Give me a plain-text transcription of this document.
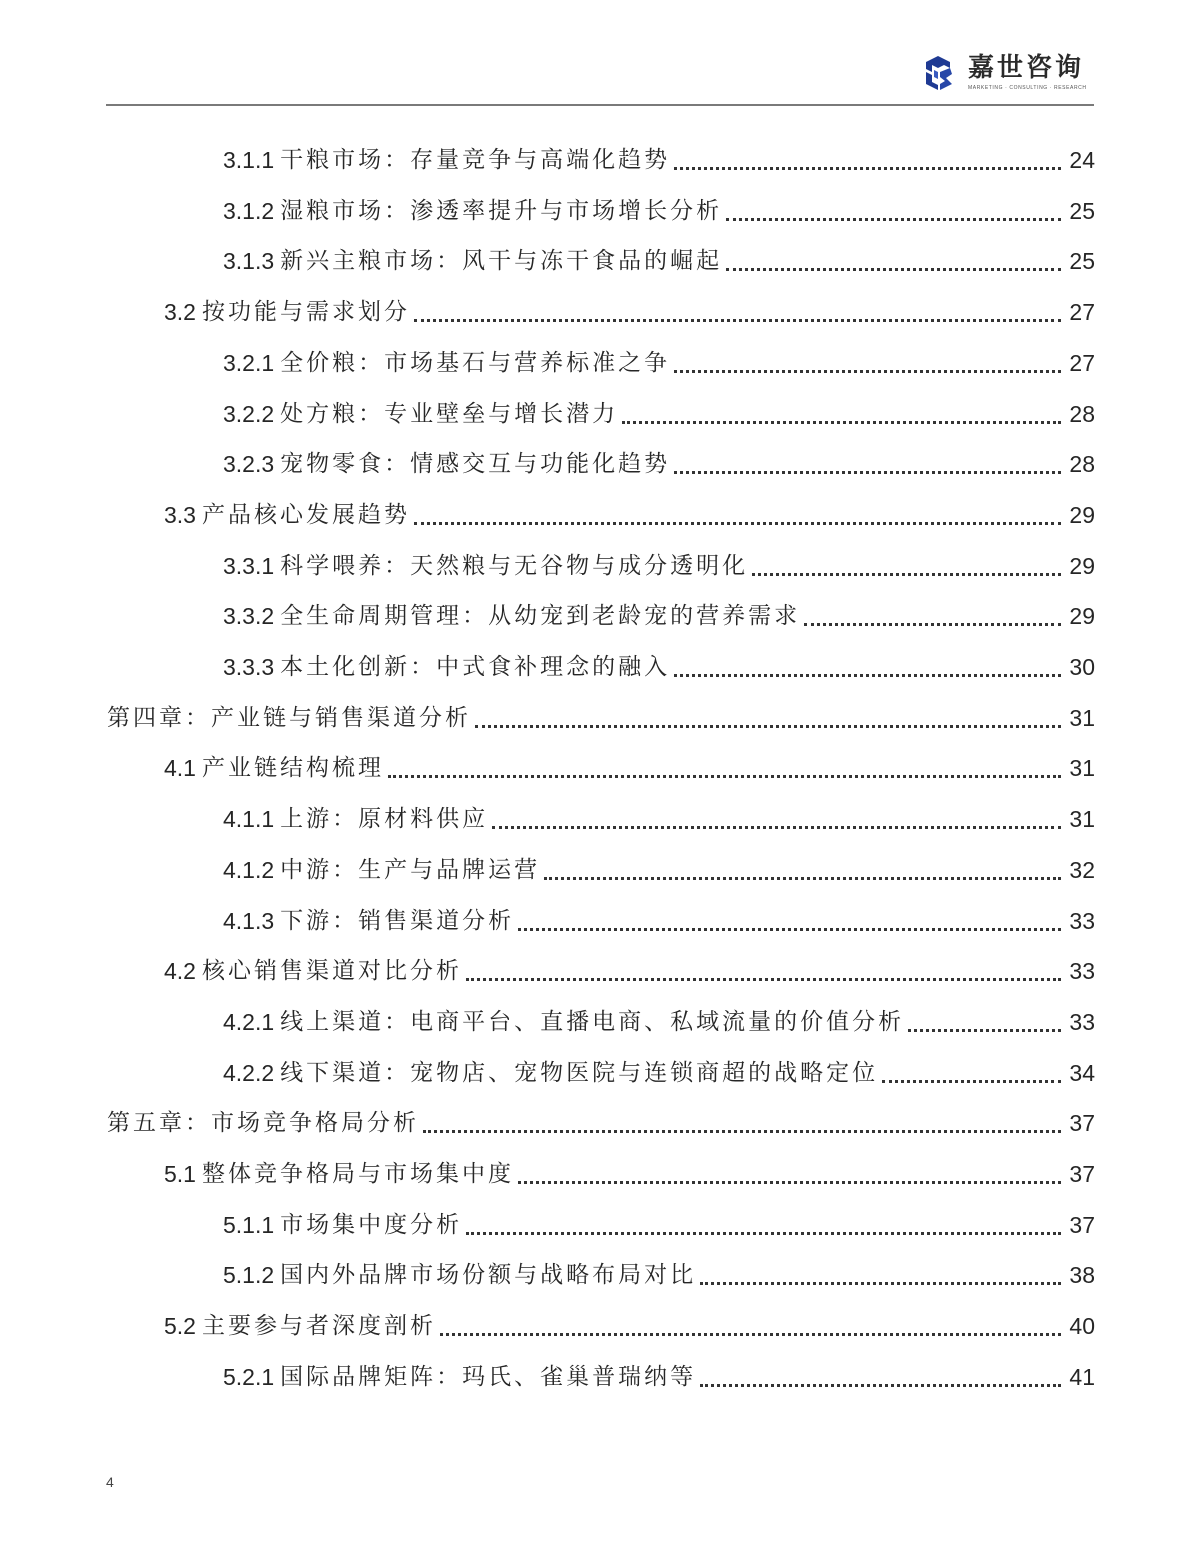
嘉世咨询
MARKETING · CONSULTING · RESEARCH
3.1.1 干粮市场：存量竞争与高端化趋势	24
3.1.2 湿粮市场：渗透率提升与市场增长分析	25
3.1.3 新兴主粮市场：风干与冻干食品的崛起	25
3.2 按功能与需求划分	27
3.2.1 全价粮：市场基石与营养标准之争	27
3.2.2 处方粮：专业壁垒与增长潜力	28
3.2.3 宠物零食：情感交互与功能化趋势	28
3.3 产品核心发展趋势	29
3.3.1 科学喂养：天然粮与无谷物与成分透明化	29
3.3.2 全生命周期管理：从幼宠到老龄宠的营养需求	29
3.3.3 本土化创新：中式食补理念的融入	30
第四章：产业链与销售渠道分析	31
4.1 产业链结构梳理	31
4.1.1 上游：原材料供应	31
4.1.2 中游：生产与品牌运营	32
4.1.3 下游：销售渠道分析	33
4.2 核心销售渠道对比分析	33
4.2.1 线上渠道：电商平台、直播电商、私域流量的价值分析	33
4.2.2 线下渠道：宠物店、宠物医院与连锁商超的战略定位	34
第五章：市场竞争格局分析	37
5.1 整体竞争格局与市场集中度	37
5.1.1 市场集中度分析	37
5.1.2 国内外品牌市场份额与战略布局对比	38
5.2 主要参与者深度剖析	40
5.2.1 国际品牌矩阵：玛氏、雀巢普瑞纳等	41
4
